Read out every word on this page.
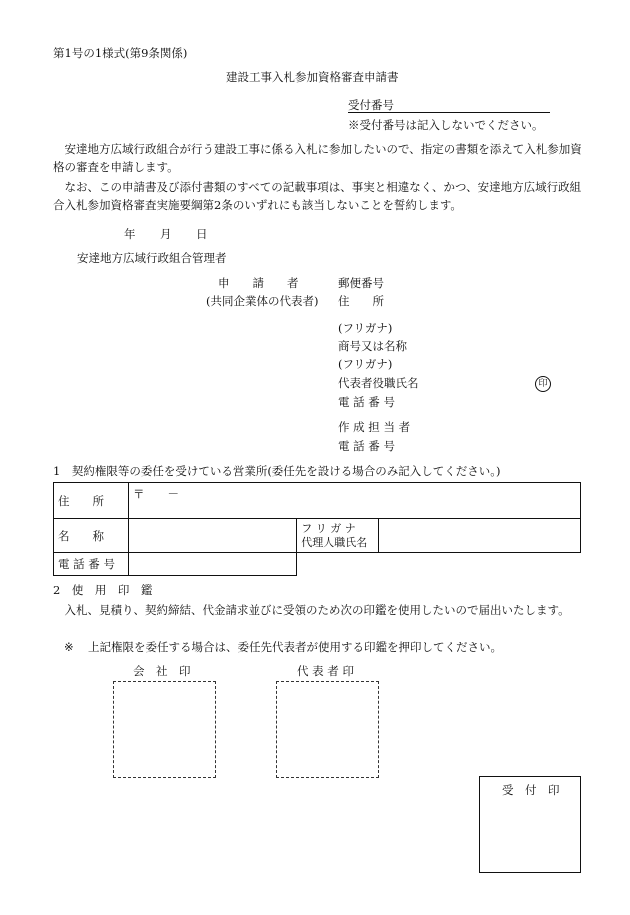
第1号の1様式(第9条関係)
建設工事入札参加資格審査申請書
受付番号
※受付番号は記入しないでください。
安達地方広域行政組合が行う建設工事に係る入札に参加したいので、指定の書類を添えて入札参加資格の審査を申請します。
なお、この申請書及び添付書類のすべての記載事項は、事実と相違なく、かつ、安達地方広域行政組合入札参加資格審査実施要綱第2条のいずれにも該当しないことを誓約します。
年 月 日
安達地方広域行政組合管理者
申　　請　　者
(共同企業体の代表者)
郵便番号
住　　所
(フリガナ)
商号又は名称
(フリガナ)
代表者役職氏名	印
電 話 番 号
作 成 担 当 者
電 話 番 号
1　契約権限等の委任を受けている営業所(委任先を設ける場合のみ記入してください。)
住　　所	〒　　－		
名　　称		フ リ ガ ナ
代理人職氏名	

電 話 番 号			
2　使　用　印　鑑
入札、見積り、契約締結、代金請求並びに受領のため次の印鑑を使用したいので届出いたします。
※ 上記権限を委任する場合は、委任先代表者が使用する印鑑を押印してください。
会　社　印	代 表 者 印
受　付　印
